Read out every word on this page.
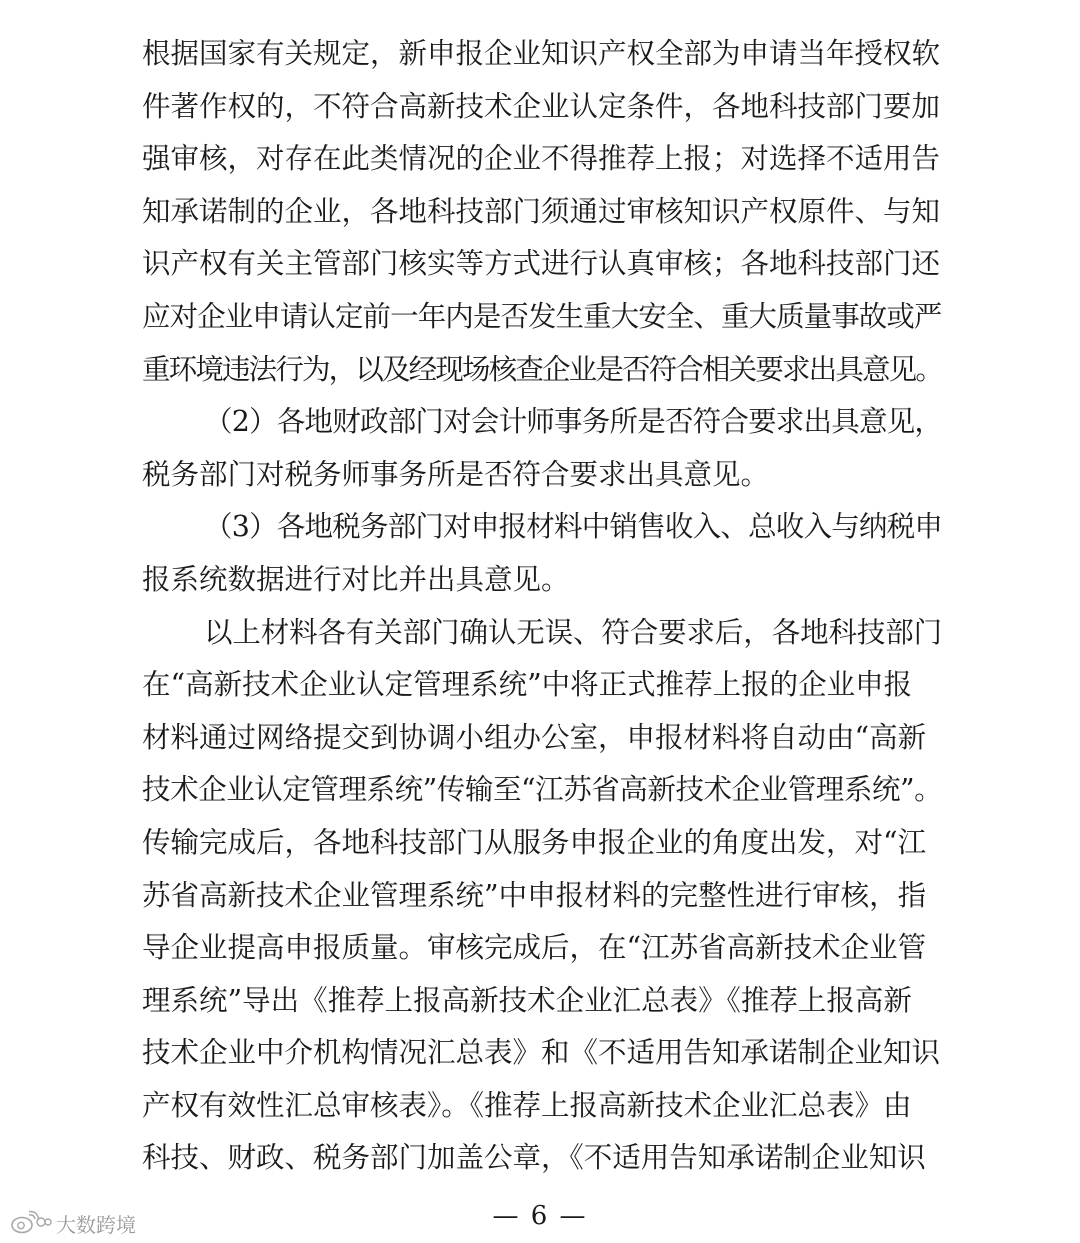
根据国家有关规定，新申报企业知识产权全部为申请当年授权软
件著作权的，不符合高新技术企业认定条件，各地科技部门要加
强审核，对存在此类情况的企业不得推荐上报；对选择不适用告
知承诺制的企业，各地科技部门须通过审核知识产权原件、与知
识产权有关主管部门核实等方式进行认真审核；各地科技部门还
应对企业申请认定前一年内是否发生重大安全、重大质量事故或严
重环境违法行为，以及经现场核查企业是否符合相关要求出具意见。
（2）各地财政部门对会计师事务所是否符合要求出具意见，
税务部门对税务师事务所是否符合要求出具意见。
（3）各地税务部门对申报材料中销售收入、总收入与纳税申
报系统数据进行对比并出具意见。
以上材料各有关部门确认无误、符合要求后，各地科技部门
在“高新技术企业认定管理系统”中将正式推荐上报的企业申报
材料通过网络提交到协调小组办公室，申报材料将自动由“高新
技术企业认定管理系统”传输至“江苏省高新技术企业管理系统”。
传输完成后，各地科技部门从服务申报企业的角度出发，对“江
苏省高新技术企业管理系统”中申报材料的完整性进行审核，指
导企业提高申报质量。审核完成后，在“江苏省高新技术企业管
理系统”导出《推荐上报高新技术企业汇总表》《推荐上报高新
技术企业中介机构情况汇总表》和《不适用告知承诺制企业知识
产权有效性汇总审核表》。《推荐上报高新技术企业汇总表》由
科技、财政、税务部门加盖公章，《不适用告知承诺制企业知识
— 6 —
大数跨境
